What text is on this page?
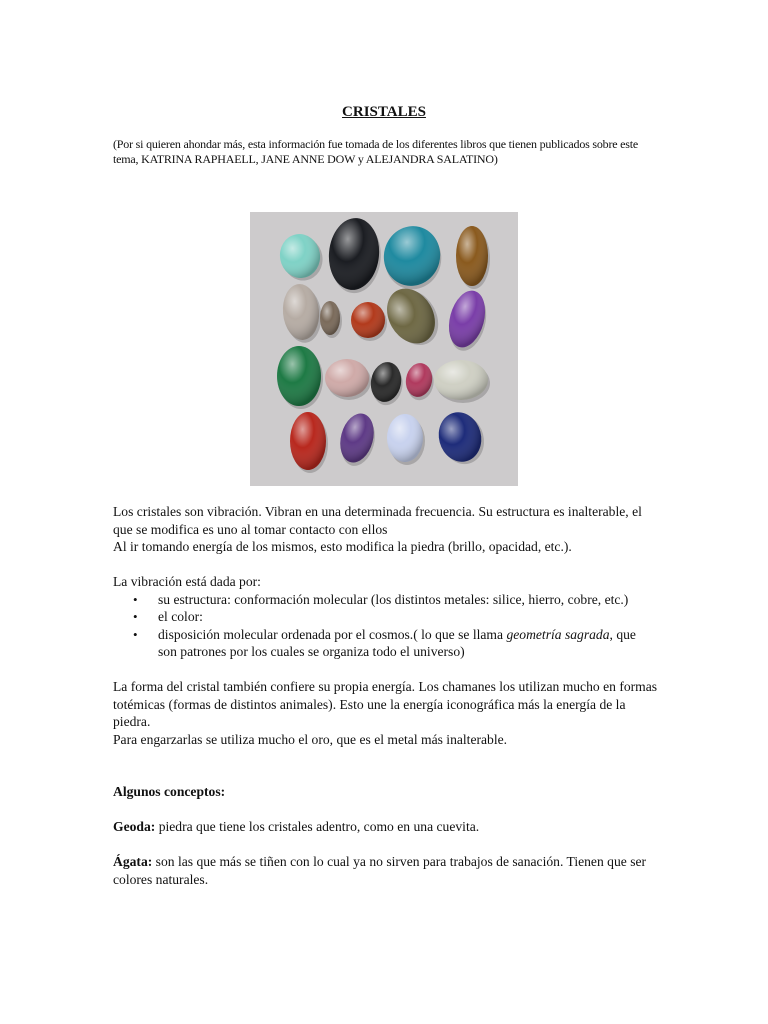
CRISTALES
(Por si quieren ahondar más, esta información fue tomada de los diferentes libros que tienen publicados sobre este tema, KATRINA RAPHAELL, JANE ANNE DOW y ALEJANDRA SALATINO)

Los cristales son vibración. Vibran en una determinada frecuencia. Su estructura es inalterable, el que se modifica es uno al tomar contacto con ellos

Al ir tomando energía de los mismos, esto modifica la piedra (brillo, opacidad, etc.).

La vibración está dada por:

• su estructura: conformación molecular (los distintos metales: silice, hierro, cobre, etc.)
• el color:
• disposición molecular ordenada por el cosmos.( lo que se llama geometría sagrada, que son patrones por los cuales se organiza todo el universo)

La forma del cristal también confiere su propia energía. Los chamanes los utilizan mucho en formas totémicas (formas de distintos animales). Esto une la energía iconográfica más la energía de la piedra.

Para engarzarlas se utiliza mucho el oro, que es el metal más inalterable.

Algunos conceptos:

Geoda: piedra que tiene los cristales adentro, como en una cuevita.

Ágata: son las que más se tiñen con lo cual ya no sirven para trabajos de sanación. Tienen que ser colores naturales.
